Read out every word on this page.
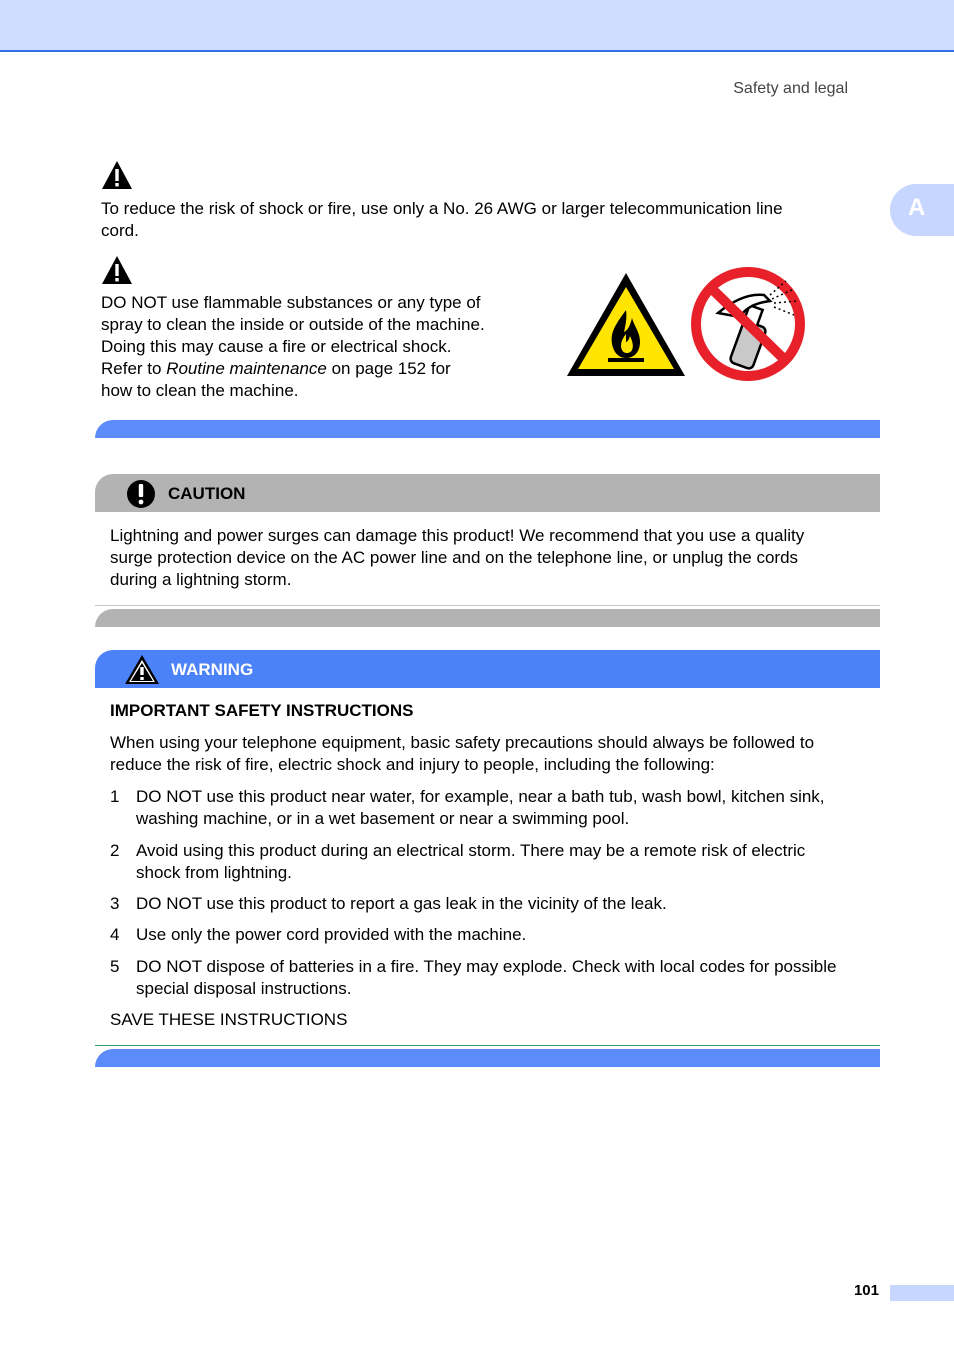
Safety and legal
A
To reduce the risk of shock or fire, use only a No. 26 AWG or larger telecommunication line
cord.
DO NOT use flammable substances or any type of
spray to clean the inside or outside of the machine.
Doing this may cause a fire or electrical shock.
Refer to Routine maintenance on page 152 for
how to clean the machine.
CAUTION
Lightning and power surges can damage this product! We recommend that you use a quality
surge protection device on the AC power line and on the telephone line, or unplug the cords
during a lightning storm.
WARNING
IMPORTANT SAFETY INSTRUCTIONS
When using your telephone equipment, basic safety precautions should always be followed to
reduce the risk of fire, electric shock and injury to people, including the following:
1 DO NOT use this product near water, for example, near a bath tub, wash bowl, kitchen sink,
washing machine, or in a wet basement or near a swimming pool.
2 Avoid using this product during an electrical storm. There may be a remote risk of electric
shock from lightning.
3 DO NOT use this product to report a gas leak in the vicinity of the leak.
4 Use only the power cord provided with the machine.
5 DO NOT dispose of batteries in a fire. They may explode. Check with local codes for possible
special disposal instructions.
SAVE THESE INSTRUCTIONS
101
